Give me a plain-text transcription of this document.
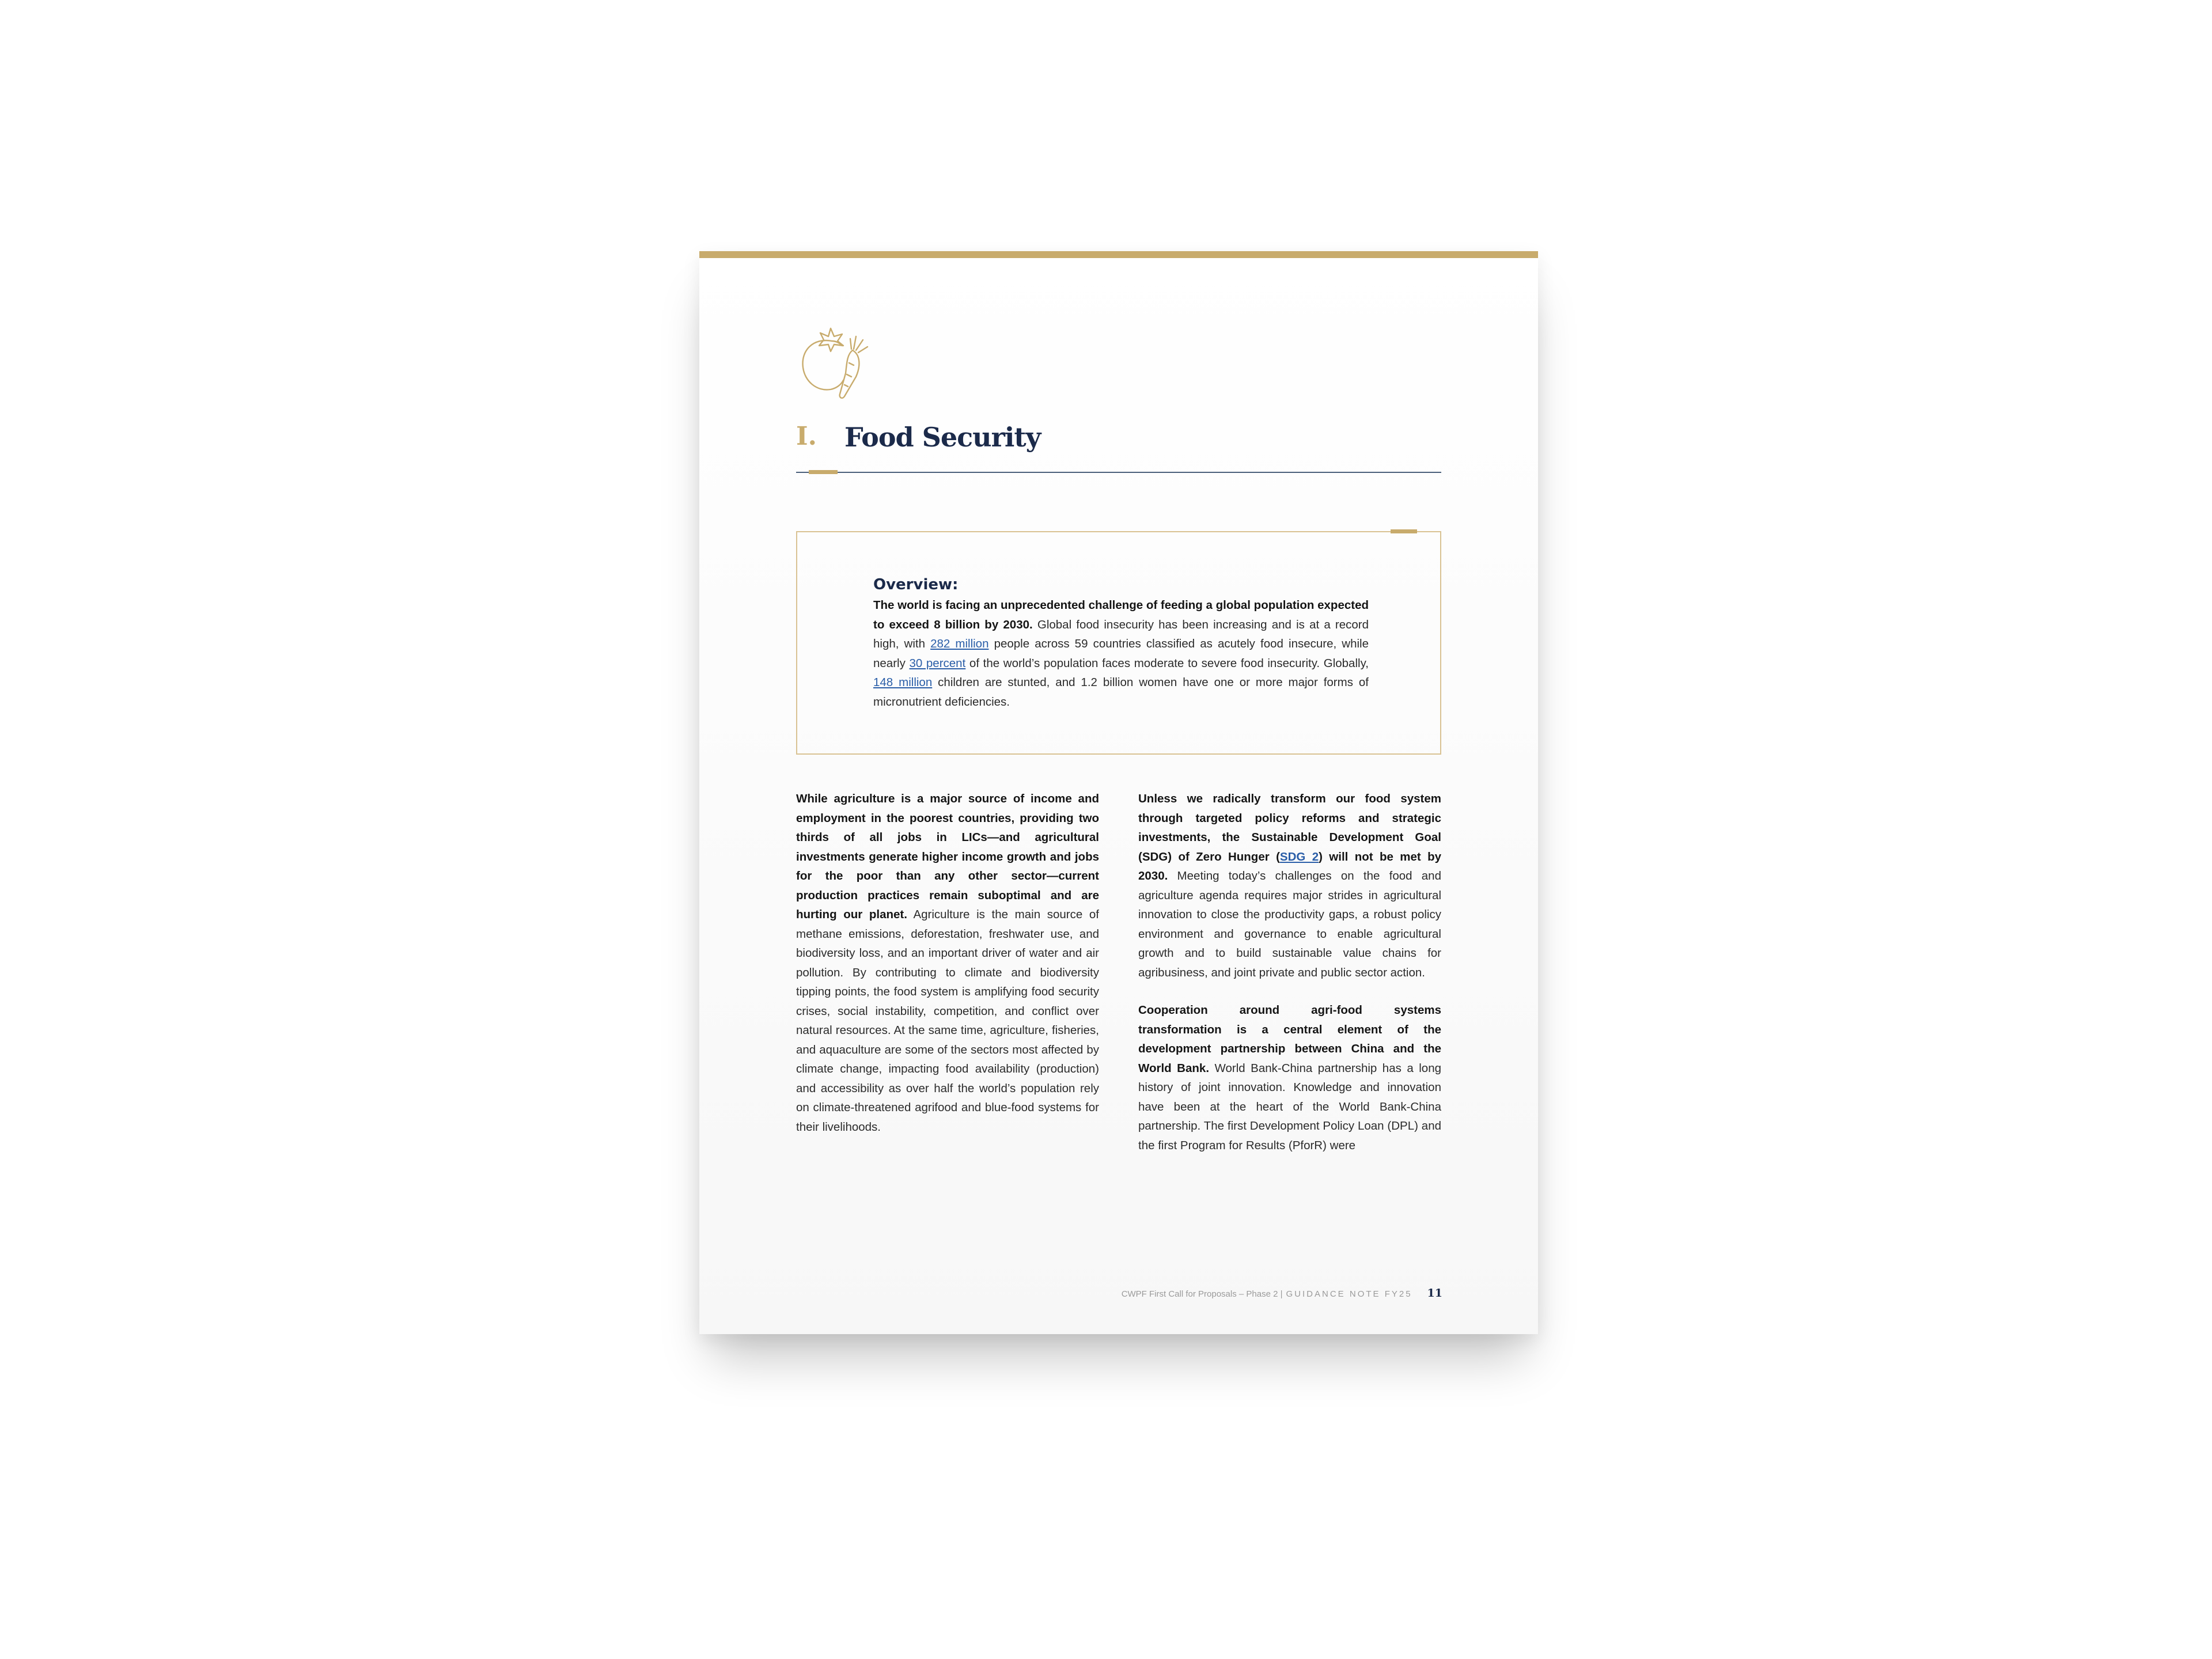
I. Food Security
Overview:
The world is facing an unprecedented challenge of feeding a global population expected to exceed 8 billion by 2030. Global food insecurity has been increasing and is at a record high, with 282 million people across 59 countries classified as acutely food insecure, while nearly 30 percent of the world’s population faces moderate to severe food insecurity. Globally, 148 million children are stunted, and 1.2 billion women have one or more major forms of micronutrient deficiencies.
While agriculture is a major source of income and employment in the poorest countries, providing two thirds of all jobs in LICs—and agricultural investments generate higher income growth and jobs for the poor than any other sector—current production practices remain suboptimal and are hurting our planet. Agriculture is the main source of methane emissions, deforestation, freshwater use, and biodiversity loss, and an important driver of water and air pollution. By contributing to climate and biodiversity tipping points, the food system is amplifying food security crises, social instability, competition, and conflict over natural resources. At the same time, agriculture, fisheries, and aquaculture are some of the sectors most affected by climate change, impacting food availability (production) and accessibility as over half the world’s population rely on climate-threatened agrifood and blue-food systems for their livelihoods.
Unless we radically transform our food system through targeted policy reforms and strategic investments, the Sustainable Development Goal (SDG) of Zero Hunger (SDG 2) will not be met by 2030. Meeting today’s challenges on the food and agriculture agenda requires major strides in agricultural innovation to close the productivity gaps, a robust policy environment and governance to enable agricultural growth and to build sustainable value chains for agribusiness, and joint private and public sector action.
Cooperation around agri-food systems transformation is a central element of the development partnership between China and the World Bank. World Bank-China partnership has a long history of joint innovation. Knowledge and innovation have been at the heart of the World Bank-China partnership. The first Development Policy Loan (DPL) and the first Program for Results (PforR) were
CWPF First Call for Proposals – Phase 2 | GUIDANCE NOTE FY25 11
